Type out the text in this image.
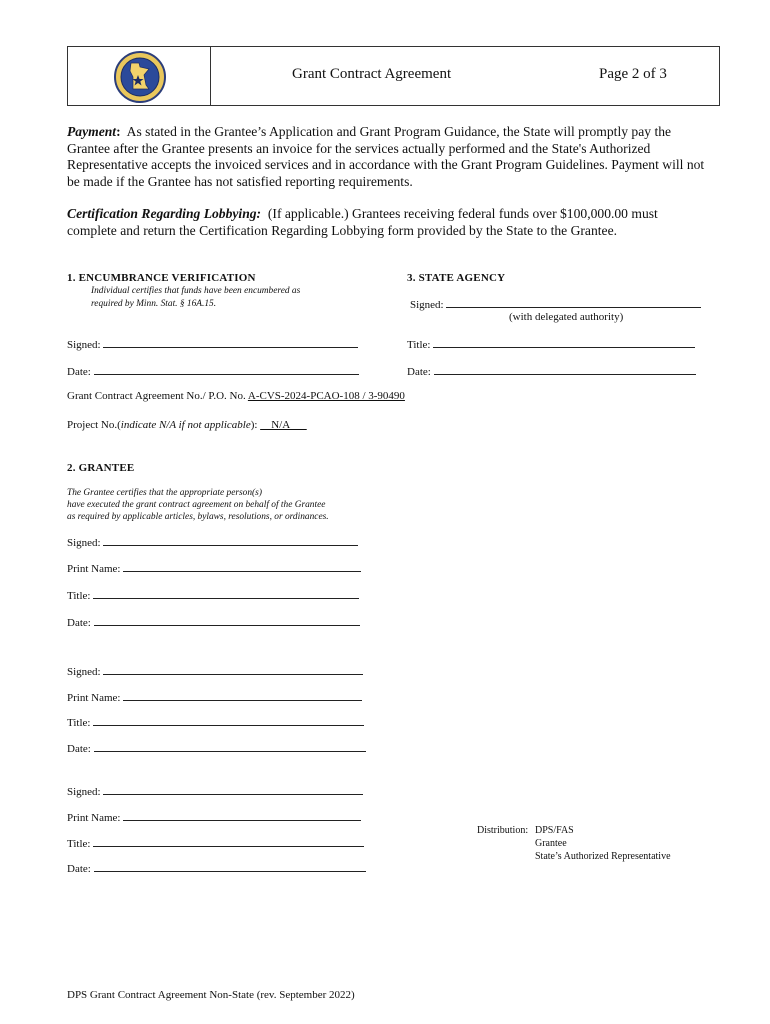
Grant Contract Agreement	Page 2 of 3
Payment: As stated in the Grantee’s Application and Grant Program Guidance, the State will promptly pay the Grantee after the Grantee presents an invoice for the services actually performed and the State's Authorized Representative accepts the invoiced services and in accordance with the Grant Program Guidelines. Payment will not be made if the Grantee has not satisfied reporting requirements.
Certification Regarding Lobbying: (If applicable.) Grantees receiving federal funds over $100,000.00 must complete and return the Certification Regarding Lobbying form provided by the State to the Grantee.
1. ENCUMBRANCE VERIFICATION
Individual certifies that funds have been encumbered as
required by Minn. Stat. § 16A.15.
Signed:
Date:
3. STATE AGENCY
Signed:
(with delegated authority)
Title:
Date:
Grant Contract Agreement No./ P.O. No. A-CVS-2024-PCAO-108 / 3-90490
Project No.(indicate N/A if not applicable): __N/A___
2. GRANTEE
The Grantee certifies that the appropriate person(s)
have executed the grant contract agreement on behalf of the Grantee
as required by applicable articles, bylaws, resolutions, or ordinances.
Signed:
Print Name:
Title:
Date:
Signed:
Print Name:
Title:
Date:
Signed:
Print Name:
Title:
Date:
Distribution: DPS/FAS
Grantee
State’s Authorized Representative
DPS Grant Contract Agreement Non-State (rev. September 2022)
